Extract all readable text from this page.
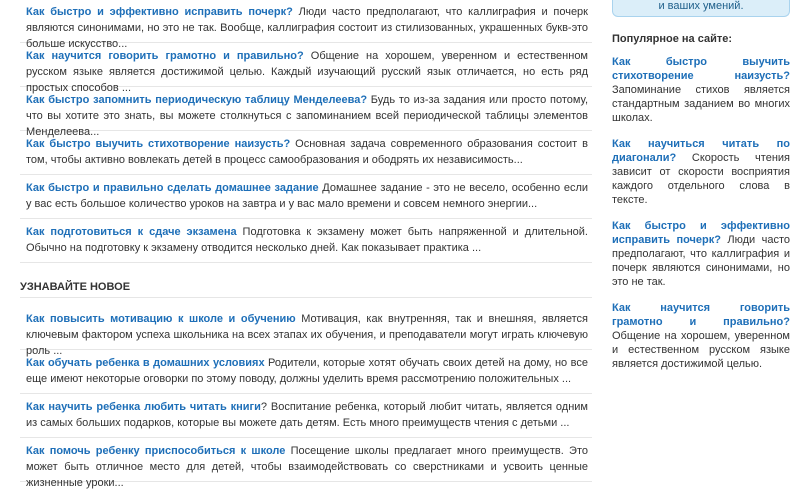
Как быстро и эффективно исправить почерк? Люди часто предполагают, что каллиграфия и почерк являются синонимами, но это не так. Вообще, каллиграфия состоит из стилизованных, украшенных букв-это больше искусство...
Как научится говорить грамотно и правильно? Общение на хорошем, уверенном и естественном русском языке является достижимой целью. Каждый изучающий русский язык отличается, но есть ряд простых способов ...
Как быстро запомнить периодическую таблицу Менделеева? Будь то из-за задания или просто потому, что вы хотите это знать, вы можете столкнуться с запоминанием всей периодической таблицы элементов Менделеева...
Как быстро выучить стихотворение наизусть? Основная задача современного образования состоит в том, чтобы активно вовлекать детей в процесс самообразования и ободрять их независимость...
Как быстро и правильно сделать домашнее задание Домашнее задание - это не весело, особенно если у вас есть большое количество уроков на завтра и у вас мало времени и совсем немного энергии...
Как подготовиться к сдаче экзамена Подготовка к экзамену может быть напряженной и длительной. Обычно на подготовку к экзамену отводится несколько дней. Как показывает практика ...
УЗНАВАЙТЕ НОВОЕ
Как повысить мотивацию к школе и обучению Мотивация, как внутренняя, так и внешняя, является ключевым фактором успеха школьника на всех этапах их обучения, и преподаватели могут играть ключевую роль ...
Как обучать ребенка в домашних условиях Родители, которые хотят обучать своих детей на дому, но все еще имеют некоторые оговорки по этому поводу, должны уделить время рассмотрению положительных ...
Как научить ребенка любить читать книги? Воспитание ребенка, который любит читать, является одним из самых больших подарков, которые вы можете дать детям. Есть много преимуществ чтения с детьми ...
Как помочь ребенку приспособиться к школе Посещение школы предлагает много преимуществ. Это может быть отличное место для детей, чтобы взаимодействовать со сверстниками и усвоить ценные жизненные уроки...
и ваших умений.
Популярное на сайте:
Как быстро выучить стихотворение наизусть? Запоминание стихов является стандартным заданием во многих школах.
Как научиться читать по диагонали? Скорость чтения зависит от скорости восприятия каждого отдельного слова в тексте.
Как быстро и эффективно исправить почерк? Люди часто предполагают, что каллиграфия и почерк являются синонимами, но это не так.
Как научится говорить грамотно и правильно? Общение на хорошем, уверенном и естественном русском языке является достижимой целью.
